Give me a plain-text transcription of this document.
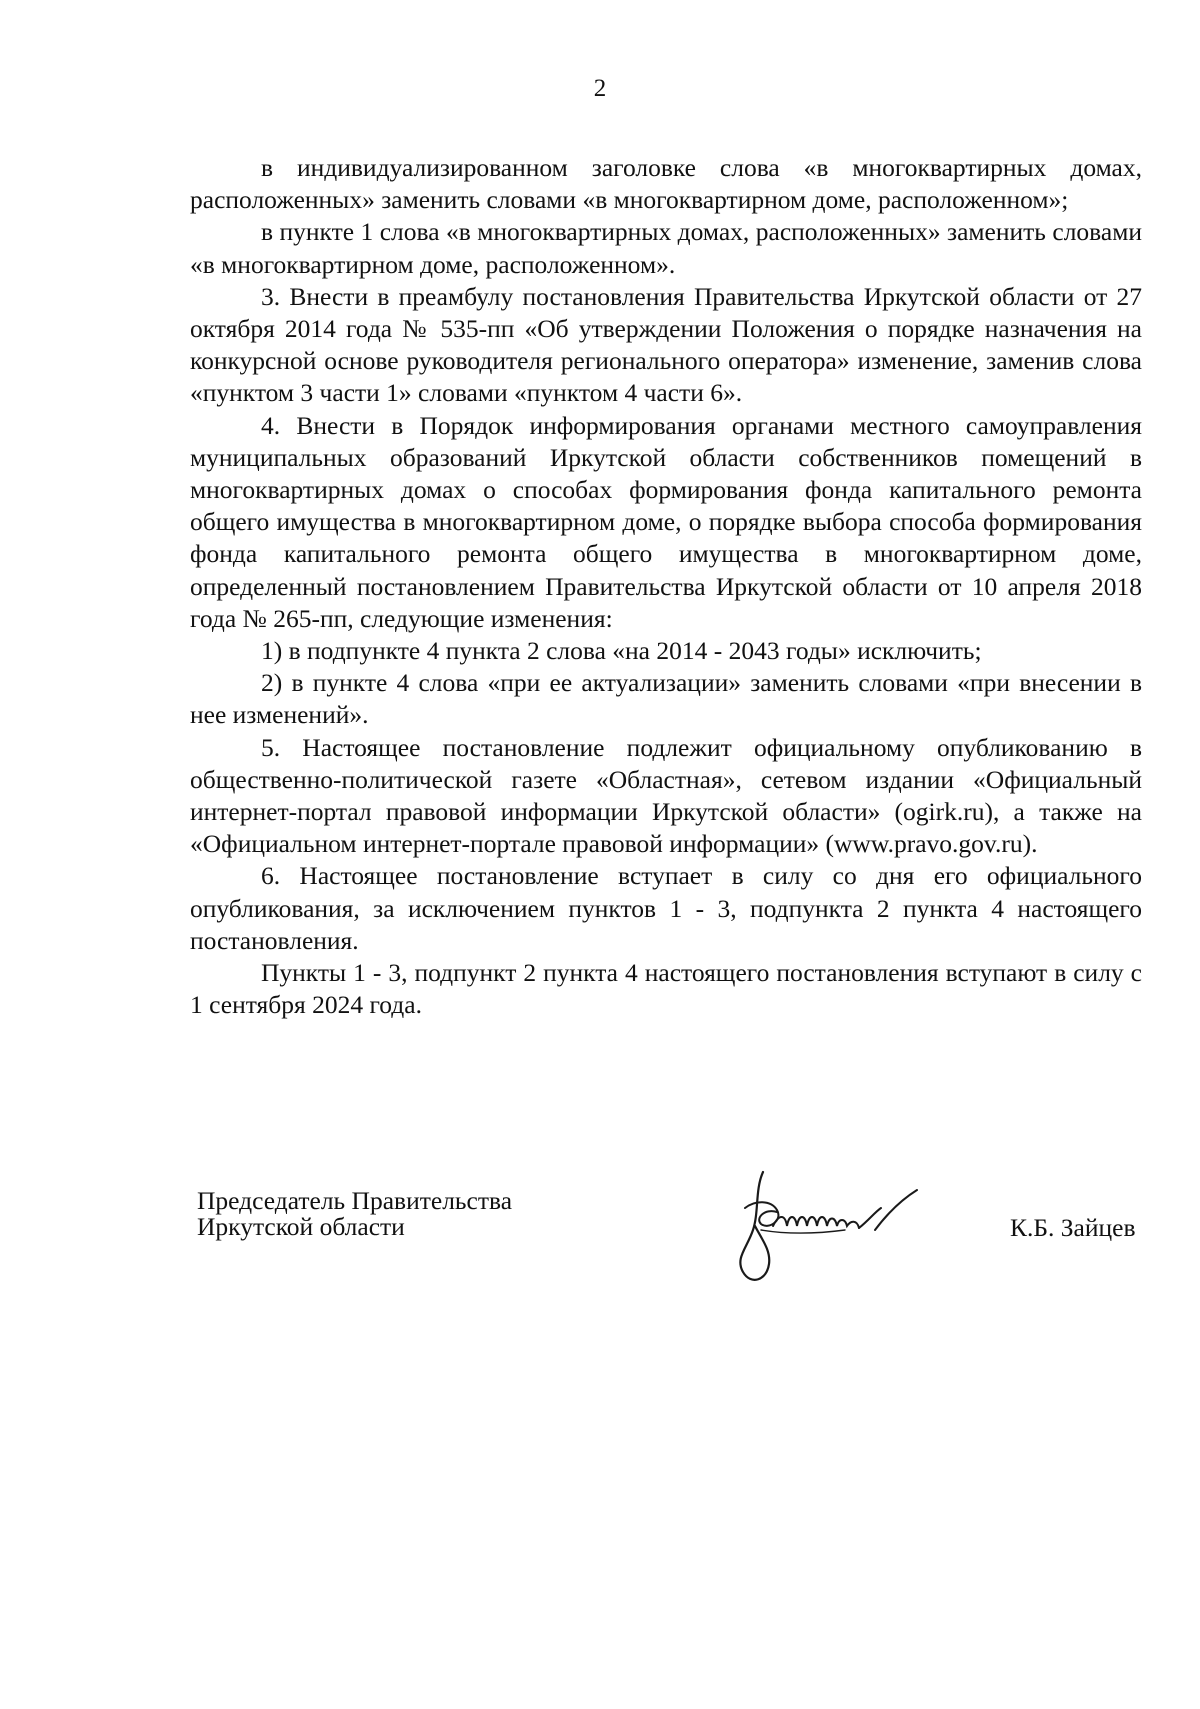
2

в индивидуализированном заголовке слова «в многоквартирных домах, расположенных» заменить словами «в многоквартирном доме, расположенном»;

в пункте 1 слова «в многоквартирных домах, расположенных» заменить словами «в многоквартирном доме, расположенном».

3. Внести в преамбулу постановления Правительства Иркутской области от 27 октября 2014 года № 535-пп «Об утверждении Положения о порядке назначения на конкурсной основе руководителя регионального оператора» изменение, заменив слова «пунктом 3 части 1» словами «пунктом 4 части 6».

4. Внести в Порядок информирования органами местного самоуправления муниципальных образований Иркутской области собственников помещений в многоквартирных домах о способах формирования фонда капитального ремонта общего имущества в многоквартирном доме, о порядке выбора способа формирования фонда капитального ремонта общего имущества в многоквартирном доме, определенный постановлением Правительства Иркутской области от 10 апреля 2018 года № 265-пп, следующие изменения:

1) в подпункте 4 пункта 2 слова «на 2014 - 2043 годы» исключить;

2) в пункте 4 слова «при ее актуализации» заменить словами «при внесении в нее изменений».

5. Настоящее постановление подлежит официальному опубликованию в общественно-политической газете «Областная», сетевом издании «Официальный интернет-портал правовой информации Иркутской области» (ogirk.ru), а также на «Официальном интернет-портале правовой информации» (www.pravo.gov.ru).

6. Настоящее постановление вступает в силу со дня его официального опубликования, за исключением пунктов 1 - 3, подпункта 2 пункта 4 настоящего постановления.

Пункты 1 - 3, подпункт 2 пункта 4 настоящего постановления вступают в силу с 1 сентября 2024 года.

Председатель Правительства
Иркутской области	К.Б. Зайцев
